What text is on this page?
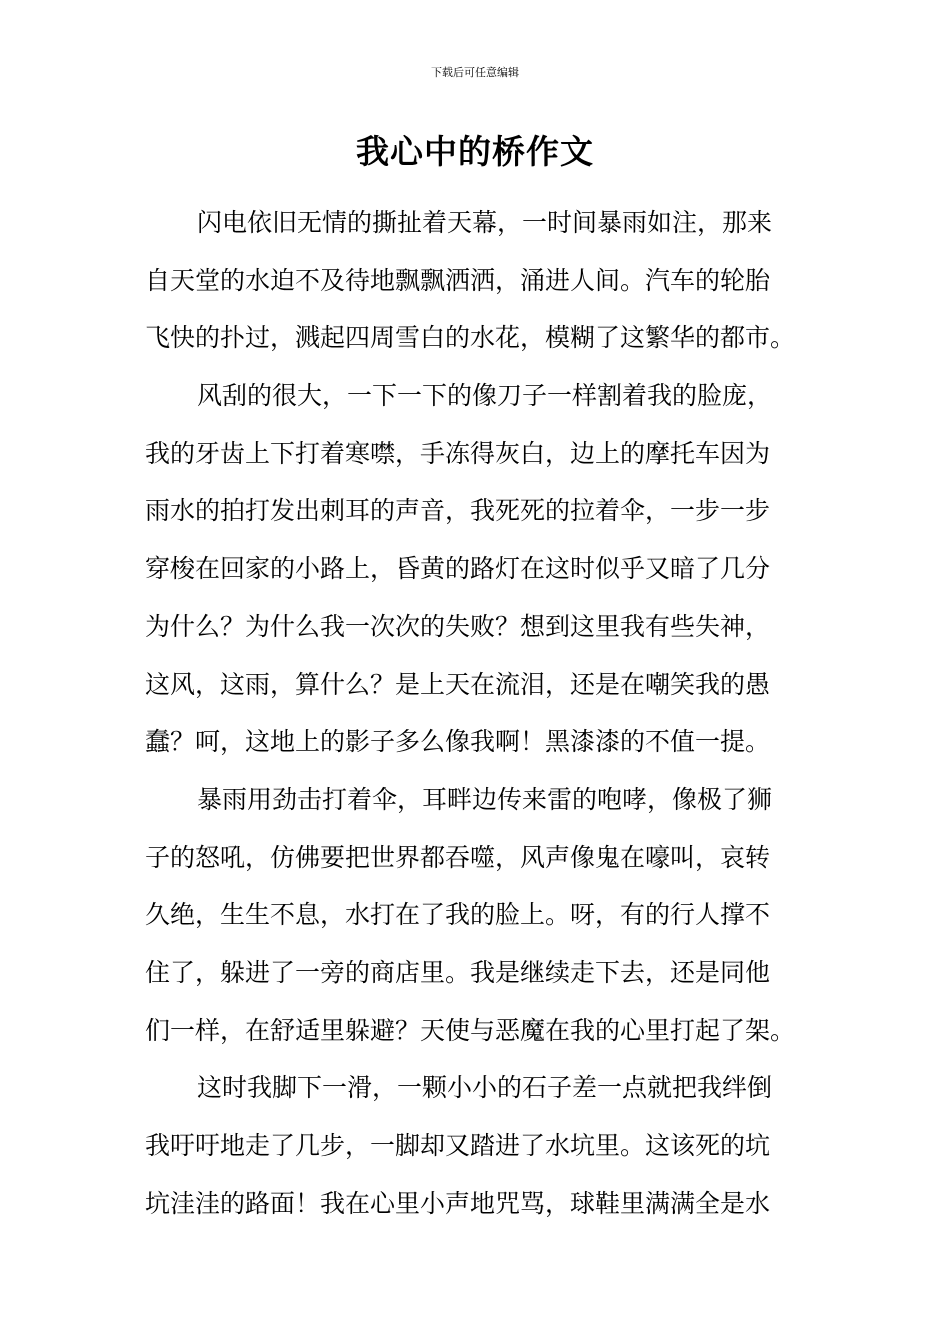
下载后可任意编辑
我心中的桥作文
闪电依旧无情的撕扯着天幕，一时间暴雨如注，那来
自天堂的水迫不及待地飘飘洒洒，涌进人间。汽车的轮胎
飞快的扑过，溅起四周雪白的水花，模糊了这繁华的都市。
风刮的很大，一下一下的像刀子一样割着我的脸庞，
我的牙齿上下打着寒噤，手冻得灰白，边上的摩托车因为
雨水的拍打发出刺耳的声音，我死死的拉着伞，一步一步
穿梭在回家的小路上，昏黄的路灯在这时似乎又暗了几分
为什么？为什么我一次次的失败？想到这里我有些失神，
这风，这雨，算什么？是上天在流泪，还是在嘲笑我的愚
蠢？呵，这地上的影子多么像我啊！黑漆漆的不值一提。
暴雨用劲击打着伞，耳畔边传来雷的咆哮，像极了狮
子的怒吼，仿佛要把世界都吞噬，风声像鬼在嚎叫，哀转
久绝，生生不息，水打在了我的脸上。呀，有的行人撑不
住了，躲进了一旁的商店里。我是继续走下去，还是同他
们一样，在舒适里躲避？天使与恶魔在我的心里打起了架。
这时我脚下一滑，一颗小小的石子差一点就把我绊倒
我吁吁地走了几步，一脚却又踏进了水坑里。这该死的坑
坑洼洼的路面！我在心里小声地咒骂，球鞋里满满全是水
